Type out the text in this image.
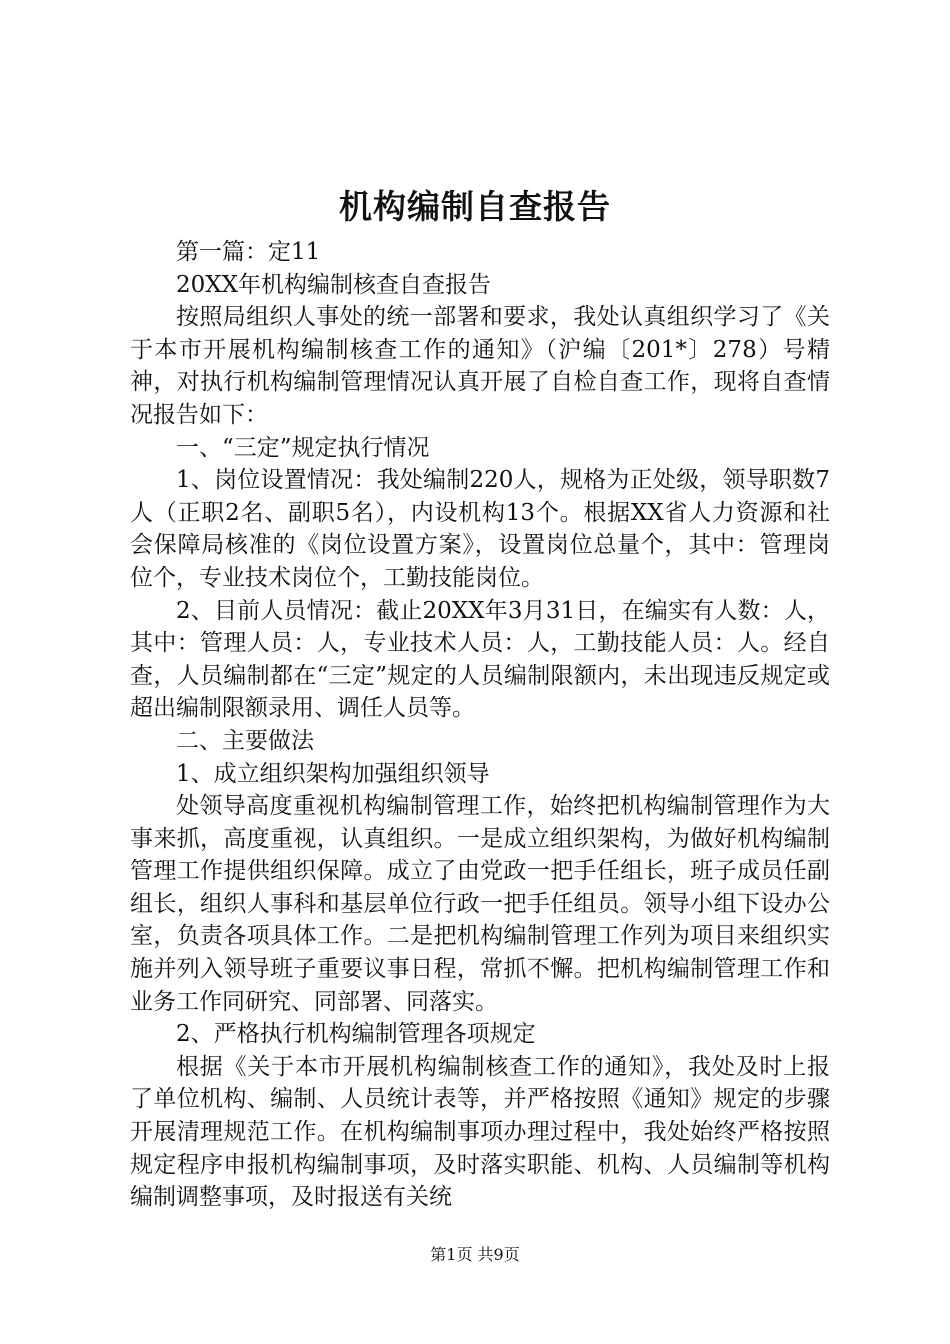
机构编制自查报告

第一篇：定11

20XX年机构编制核查自查报告

按照局组织人事处的统一部署和要求，我处认真组织学习了《关于本市开展机构编制核查工作的通知》（沪编〔201*〕278）号精神，对执行机构编制管理情况认真开展了自检自查工作，现将自查情况报告如下：

一、“三定”规定执行情况

1、岗位设置情况：我处编制220人，规格为正处级，领导职数7人（正职2名、副职5名），内设机构13个。根据XX省人力资源和社会保障局核准的《岗位设置方案》，设置岗位总量个，其中：管理岗位个，专业技术岗位个，工勤技能岗位。

2、目前人员情况：截止20XX年3月31日，在编实有人数：人，其中：管理人员：人，专业技术人员：人，工勤技能人员：人。经自查，人员编制都在“三定”规定的人员编制限额内，未出现违反规定或超出编制限额录用、调任人员等。

二、主要做法

1、成立组织架构加强组织领导

处领导高度重视机构编制管理工作，始终把机构编制管理作为大事来抓，高度重视，认真组织。一是成立组织架构，为做好机构编制管理工作提供组织保障。成立了由党政一把手任组长，班子成员任副组长，组织人事科和基层单位行政一把手任组员。领导小组下设办公室，负责各项具体工作。二是把机构编制管理工作列为项目来组织实施并列入领导班子重要议事日程，常抓不懈。把机构编制管理工作和业务工作同研究、同部署、同落实。

2、严格执行机构编制管理各项规定

根据《关于本市开展机构编制核查工作的通知》，我处及时上报了单位机构、编制、人员统计表等，并严格按照《通知》规定的步骤开展清理规范工作。在机构编制事项办理过程中，我处始终严格按照规定程序申报机构编制事项，及时落实职能、机构、人员编制等机构编制调整事项，及时报送有关统

第1页 共9页
